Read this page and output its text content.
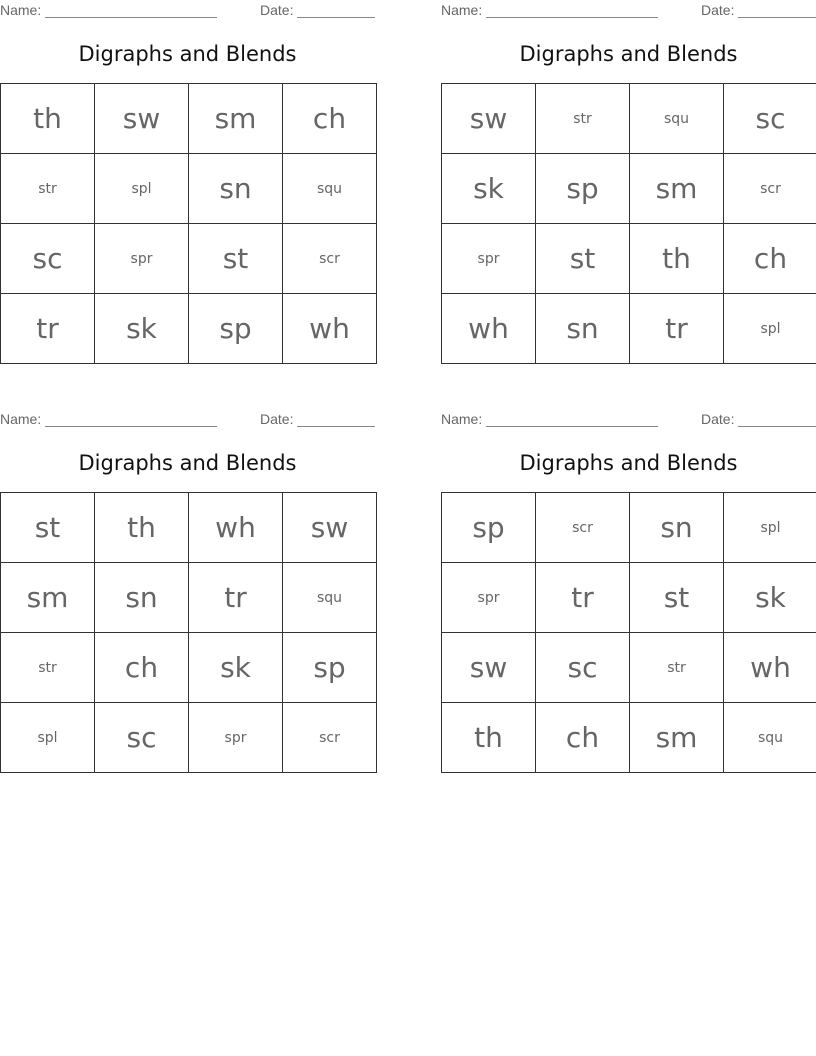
Name:	Date:
Digraphs and Blends
th	sw	sm	ch
str	spl	sn	squ
sc	spr	st	scr
tr	sk	sp	wh
Name:	Date:
Digraphs and Blends
sw	str	squ	sc
sk	sp	sm	scr
spr	st	th	ch
wh	sn	tr	spl
Name:	Date:
Digraphs and Blends
st	th	wh	sw
sm	sn	tr	squ
str	ch	sk	sp
spl	sc	spr	scr
Name:	Date:
Digraphs and Blends
sp	scr	sn	spl
spr	tr	st	sk
sw	sc	str	wh
th	ch	sm	squ
